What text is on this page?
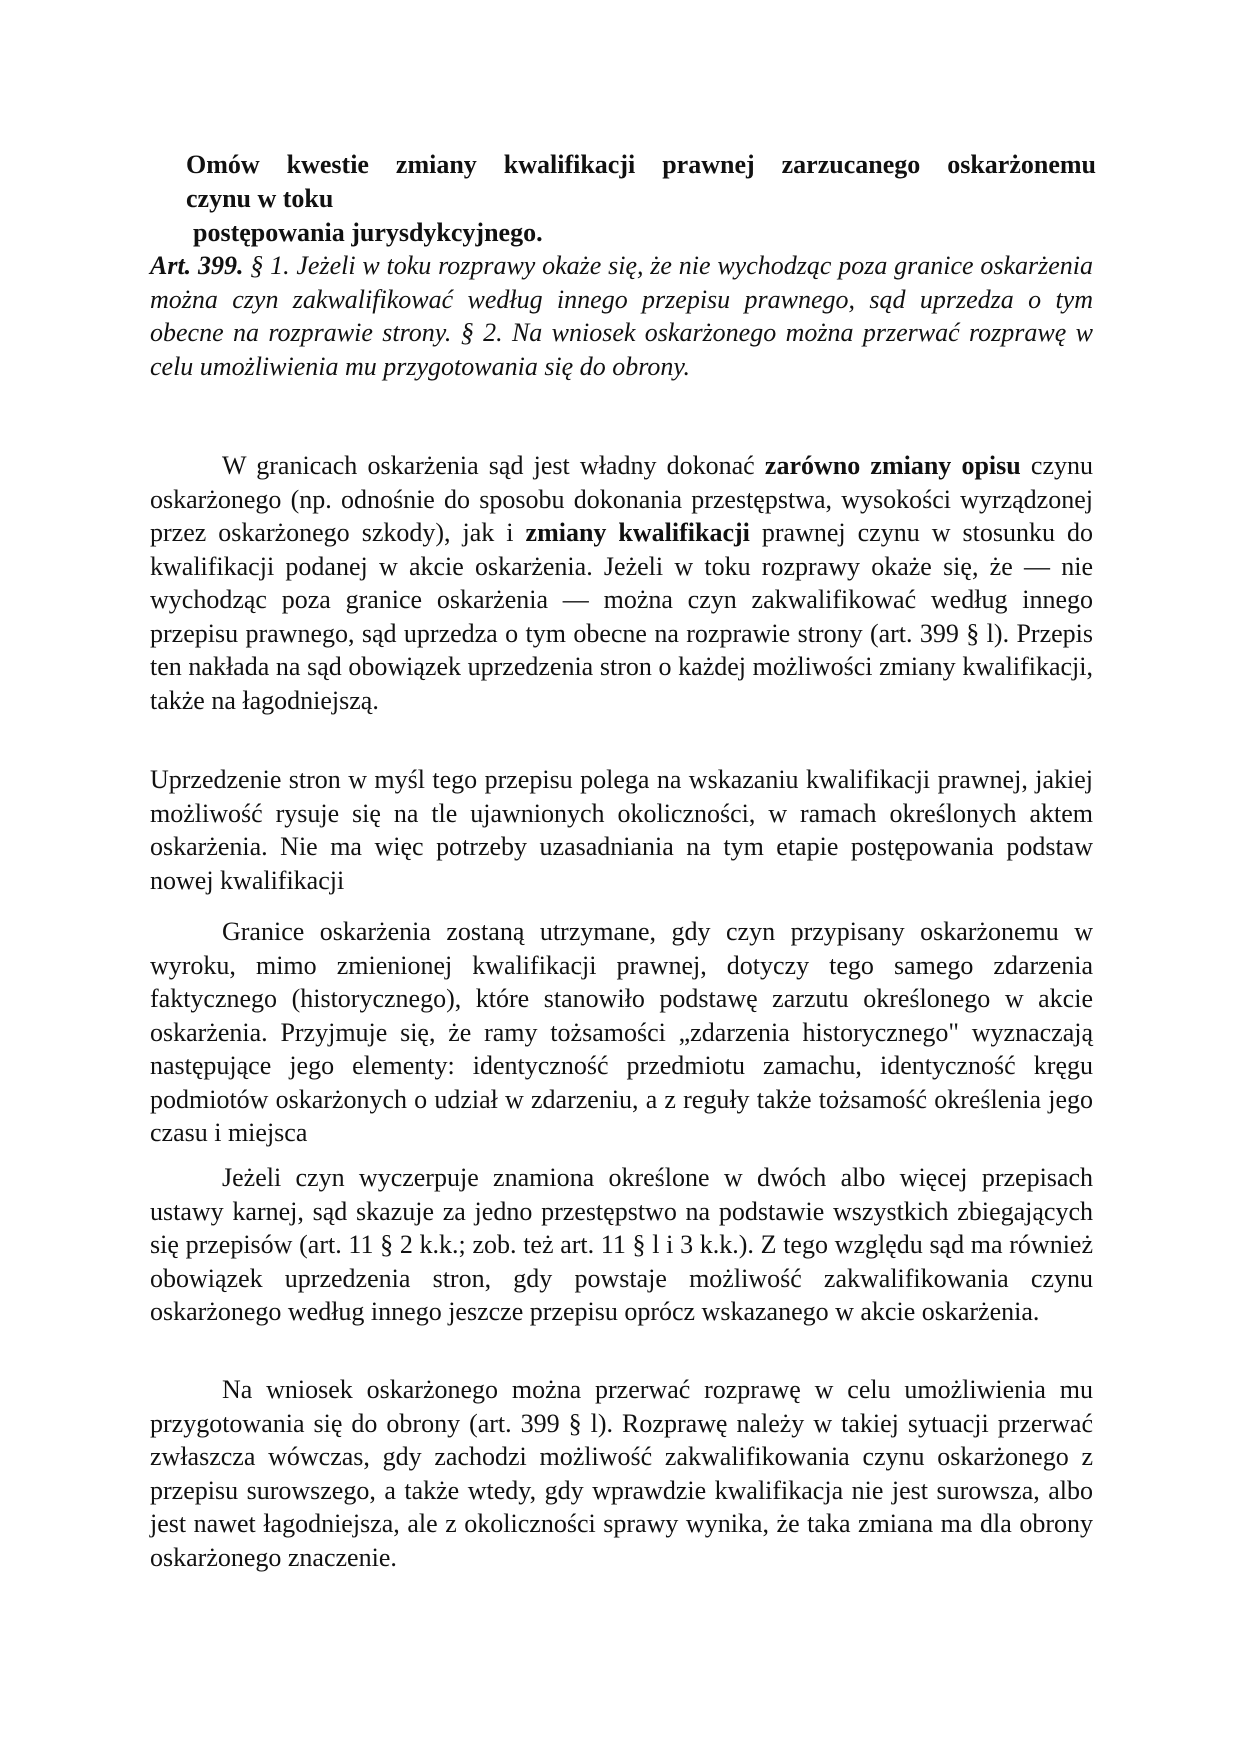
Omów kwestie zmiany kwalifikacji prawnej zarzucanego oskarżonemu
czynu w toku
postępowania jurysdykcyjnego.

Art. 399. § 1. Jeżeli w toku rozprawy okaże się, że nie wychodząc poza granice oskarżenia można czyn zakwalifikować według innego przepisu prawnego, sąd uprzedza o tym obecne na rozprawie strony. § 2. Na wniosek oskarżonego można przerwać rozprawę w celu umożliwienia mu przygotowania się do obrony.

W granicach oskarżenia sąd jest władny dokonać zarówno zmiany opisu czynu oskarżonego (np. odnośnie do sposobu dokonania przestępstwa, wysokości wyrządzonej przez oskarżonego szkody), jak i zmiany kwalifikacji prawnej czynu w stosunku do kwalifikacji podanej w akcie oskarżenia. Jeżeli w toku rozprawy okaże się, że — nie wychodząc poza granice oskarżenia — można czyn zakwalifikować według innego przepisu prawnego, sąd uprzedza o tym obecne na rozprawie strony (art. 399 § l). Przepis ten nakłada na sąd obowiązek uprzedzenia stron o każdej możliwości zmiany kwalifikacji, także na łagodniejszą.

Uprzedzenie stron w myśl tego przepisu polega na wskazaniu kwalifikacji prawnej, jakiej możliwość rysuje się na tle ujawnionych okoliczności, w ramach określonych aktem oskarżenia. Nie ma więc potrzeby uzasadniania na tym etapie postępowania podstaw nowej kwalifikacji

Granice oskarżenia zostaną utrzymane, gdy czyn przypisany oskarżonemu w wyroku, mimo zmienionej kwalifikacji prawnej, dotyczy tego samego zdarzenia faktycznego (historycznego), które stanowiło podstawę zarzutu określonego w akcie oskarżenia. Przyjmuje się, że ramy tożsamości „zdarzenia historycznego" wyznaczają następujące jego elementy: identyczność przedmiotu zamachu, identyczność kręgu podmiotów oskarżonych o udział w zdarzeniu, a z reguły także tożsamość określenia jego czasu i miejsca

Jeżeli czyn wyczerpuje znamiona określone w dwóch albo więcej przepisach ustawy karnej, sąd skazuje za jedno przestępstwo na podstawie wszystkich zbiegających się przepisów (art. 11 § 2 k.k.; zob. też art. 11 § l i 3 k.k.). Z tego względu sąd ma również obowiązek uprzedzenia stron, gdy powstaje możliwość zakwalifikowania czynu oskarżonego według innego jeszcze przepisu oprócz wskazanego w akcie oskarżenia.

Na wniosek oskarżonego można przerwać rozprawę w celu umożliwienia mu przygotowania się do obrony (art. 399 § l). Rozprawę należy w takiej sytuacji przerwać zwłaszcza wówczas, gdy zachodzi możliwość zakwalifikowania czynu oskarżonego z przepisu surowszego, a także wtedy, gdy wprawdzie kwalifikacja nie jest surowsza, albo jest nawet łagodniejsza, ale z okoliczności sprawy wynika, że taka zmiana ma dla obrony oskarżonego znaczenie.
